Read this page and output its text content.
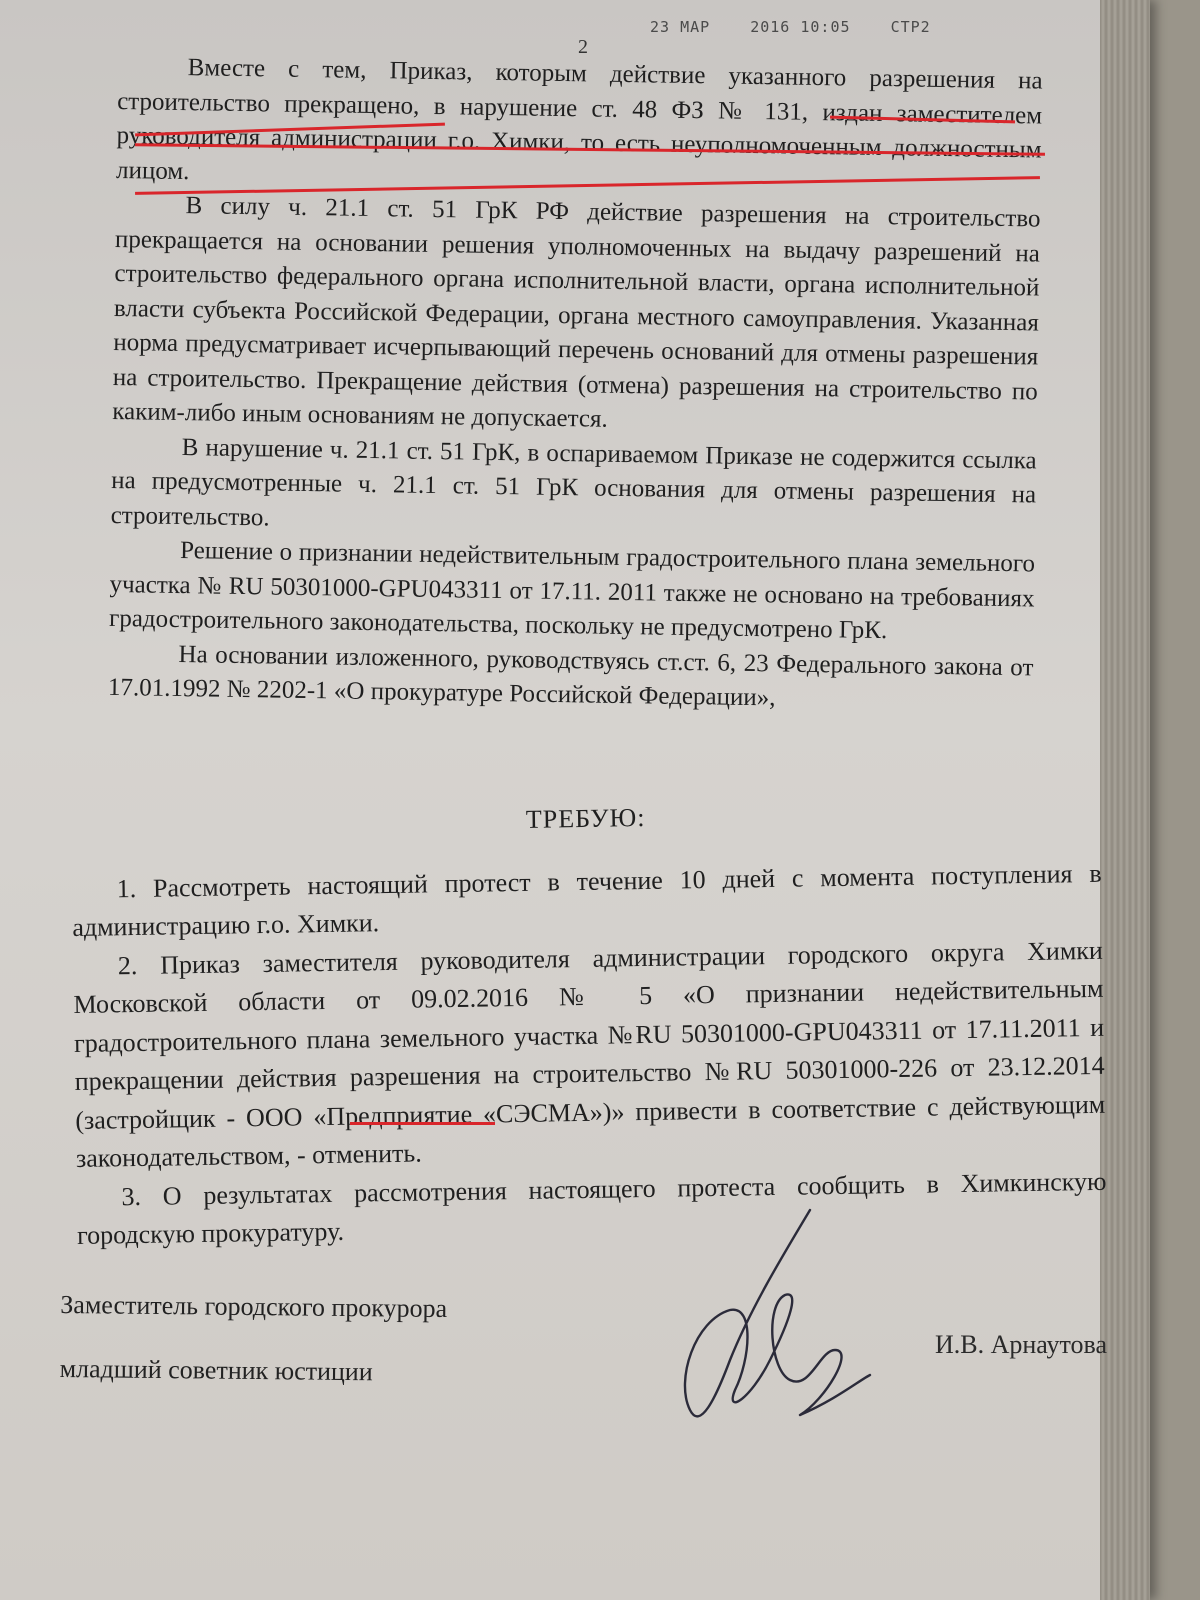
23 МАР	2016 10:05	СТР2
2

Вместе с тем, Приказ, которым действие указанного разрешения на строительство прекращено, в нарушение ст. 48 ФЗ № 131, издан заместителем руководителя администрации г.о. Химки, то есть неуполномоченным должностным лицом.

В силу ч. 21.1 ст. 51 ГрК РФ действие разрешения на строительство прекращается на основании решения уполномоченных на выдачу разрешений на строительство федерального органа исполнительной власти, органа исполнительной власти субъекта Российской Федерации, органа местного самоуправления. Указанная норма предусматривает исчерпывающий перечень оснований для отмены разрешения на строительство. Прекращение действия (отмена) разрешения на строительство по каким-либо иным основаниям не допускается.

В нарушение ч. 21.1 ст. 51 ГрК, в оспариваемом Приказе не содержится ссылка на предусмотренные ч. 21.1 ст. 51 ГрК основания для отмены разрешения на строительство.

Решение о признании недействительным градостроительного плана земельного участка № RU 50301000-GPU043311 от 17.11. 2011 также не основано на требованиях градостроительного законодательства, поскольку не предусмотрено ГрК.

На основании изложенного, руководствуясь ст.ст. 6, 23 Федерального закона от 17.01.1992 № 2202-1 «О прокуратуре Российской Федерации»,

ТРЕБУЮ:

1. Рассмотреть настоящий протест в течение 10 дней с момента поступления в администрацию г.о. Химки.

2. Приказ заместителя руководителя администрации городского округа Химки Московской области от 09.02.2016 № 5 «О признании недействительным градостроительного плана земельного участка №RU 50301000-GPU043311 от 17.11.2011 и прекращении действия разрешения на строительство №RU 50301000-226 от 23.12.2014 (застройщик - ООО «Предприятие «СЭСМА»)» привести в соответствие с действующим законодательством, - отменить.

3. О результатах рассмотрения настоящего протеста сообщить в Химкинскую городскую прокуратуру.

Заместитель городского прокурора
младший советник юстиции
И.В. Арнаутова
